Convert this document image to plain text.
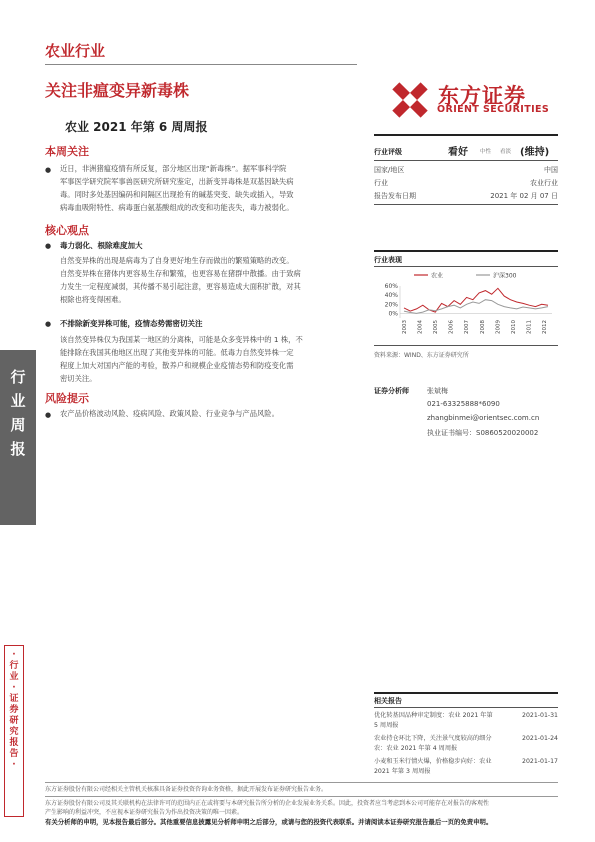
农业行业
关注非瘟变异新毒株
农业 2021 年第 6 周周报
东方证券
ORIENT SECURITIES
行业评级	看好 中性 看淡 (维持)
国家/地区	中国
行业	农业行业
报告发布日期	2021 年 02 月 07 日
行业表现
农业	沪深300
60%
40%
20%
0%
2003 2004 2005 2006 2007 2008 2009 2010 2011 2012
资料来源：WIND、东方证券研究所
证券分析师	张斌梅
021-63325888*6090
zhangbinmei@orientsec.com.cn
执业证书编号：S0860520020002
行
业
周
报
·
行
业
·
证
券
研
究
报
告
·
本周关注
● 近日，非洲猪瘟疫情有所反复，部分地区出现“新毒株”。据军事科学院
军事医学研究院军事兽医研究所研究鉴定，出新变异毒株是双基因缺失病
毒。同时多处基因编码和间隔区出现抢有的碱基突变、缺失或插入，导致
病毒血吸附特性、病毒蛋白氨基酸组成的改变和功能丧失，毒力被弱化。
核心观点
● 毒力弱化、根除难度加大
自然变异株的出现是病毒为了自身更好地生存而做出的繁殖策略的改变。
自然变异株在猪体内更容易生存和繁殖，也更容易在猪群中散播。由于致病
力发生一定程度减弱，其传播不易引起注意，更容易造成大面积扩散，对其
根除也将变得困难。
● 不排除新变异株可能，疫情态势需密切关注
该自然变异株仅为我国某一地区的分离株，可能是众多变异株中的 1 株，不
能排除在我国其他地区出现了其他变异株的可能。低毒力自然变异株一定
程度上加大对国内产能的考验，散养户和规模企业疫情态势和防疫变化需
密切关注。
风险提示
● 农产品价格波动风险、疫病风险、政策风险、行业竞争与产品风险。
相关报告
优化转基因品种审定制度：农业 2021 年第
5 周周报
2021-01-31
农业持仓环比下降，关注景气度较高的细分
农：农业 2021 年第 4 周周报
2021-01-24
小麦和玉米行情火爆，价格稳步向好：农业
2021 年第 3 周周报
2021-01-17
东方证券股份有限公司经相关主管机关核准具备证券投资咨询业务资格，据此开展发布证券研究报告业务。
东方证券股份有限公司及其关联机构在法律许可的范围内正在或将要与本研究报告所分析的企业发展业务关系。因此，投资者应当考虑到本公司可能存在对报告的客观性
产生影响的利益冲突，不应视本证券研究报告为作出投资决策的唯一因素。
有关分析师的申明，见本报告最后部分。其他重要信息披露见分析师申明之后部分，或请与您的投资代表联系。并请阅读本证券研究报告最后一页的免责申明。
